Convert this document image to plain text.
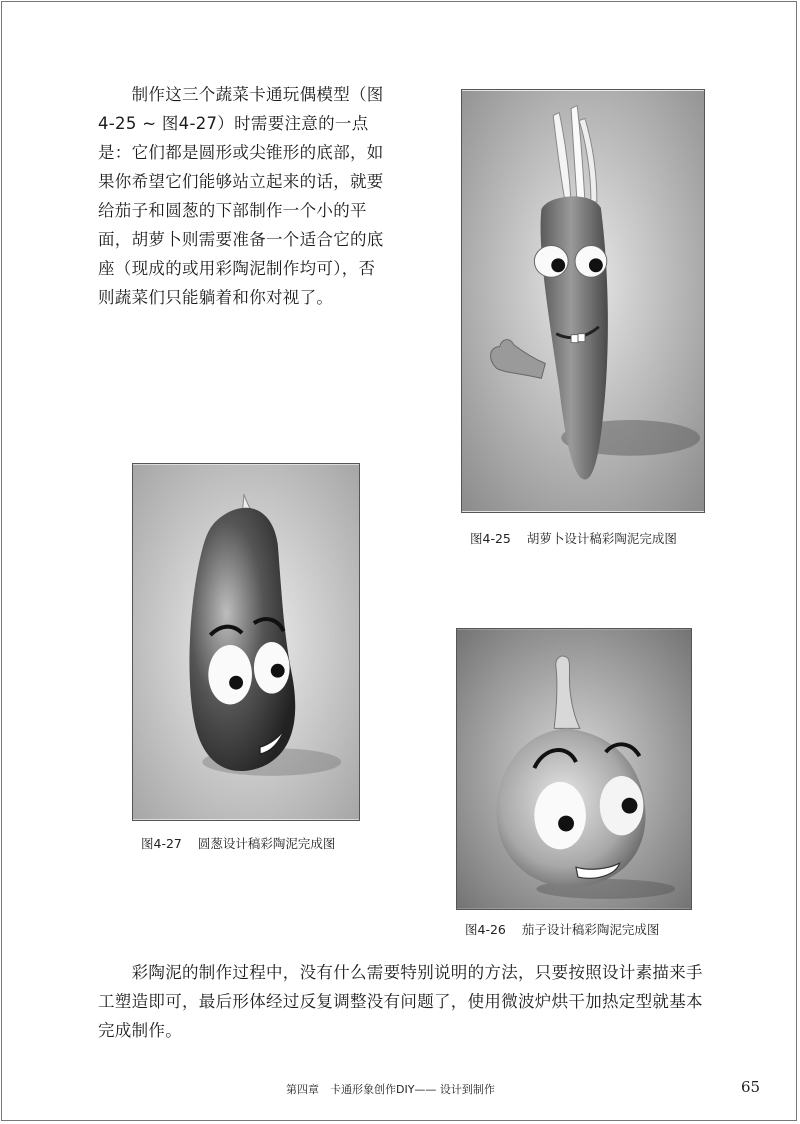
　　制作这三个蔬菜卡通玩偶模型（图4-25 ~ 图4-27）时需要注意的一点是：它们都是圆形或尖锥形的底部，如果你希望它们能够站立起来的话，就要给茄子和圆葱的下部制作一个小的平面，胡萝卜则需要准备一个适合它的底座（现成的或用彩陶泥制作均可），否则蔬菜们只能躺着和你对视了。

图4-25 胡萝卜设计稿彩陶泥完成图
图4-27 圆葱设计稿彩陶泥完成图
图4-26 茄子设计稿彩陶泥完成图

　　彩陶泥的制作过程中，没有什么需要特别说明的方法，只要按照设计素描来手工塑造即可，最后形体经过反复调整没有问题了，使用微波炉烘干加热定型就基本完成制作。

第四章　卡通形象创作DIY—— 设计到制作	65
